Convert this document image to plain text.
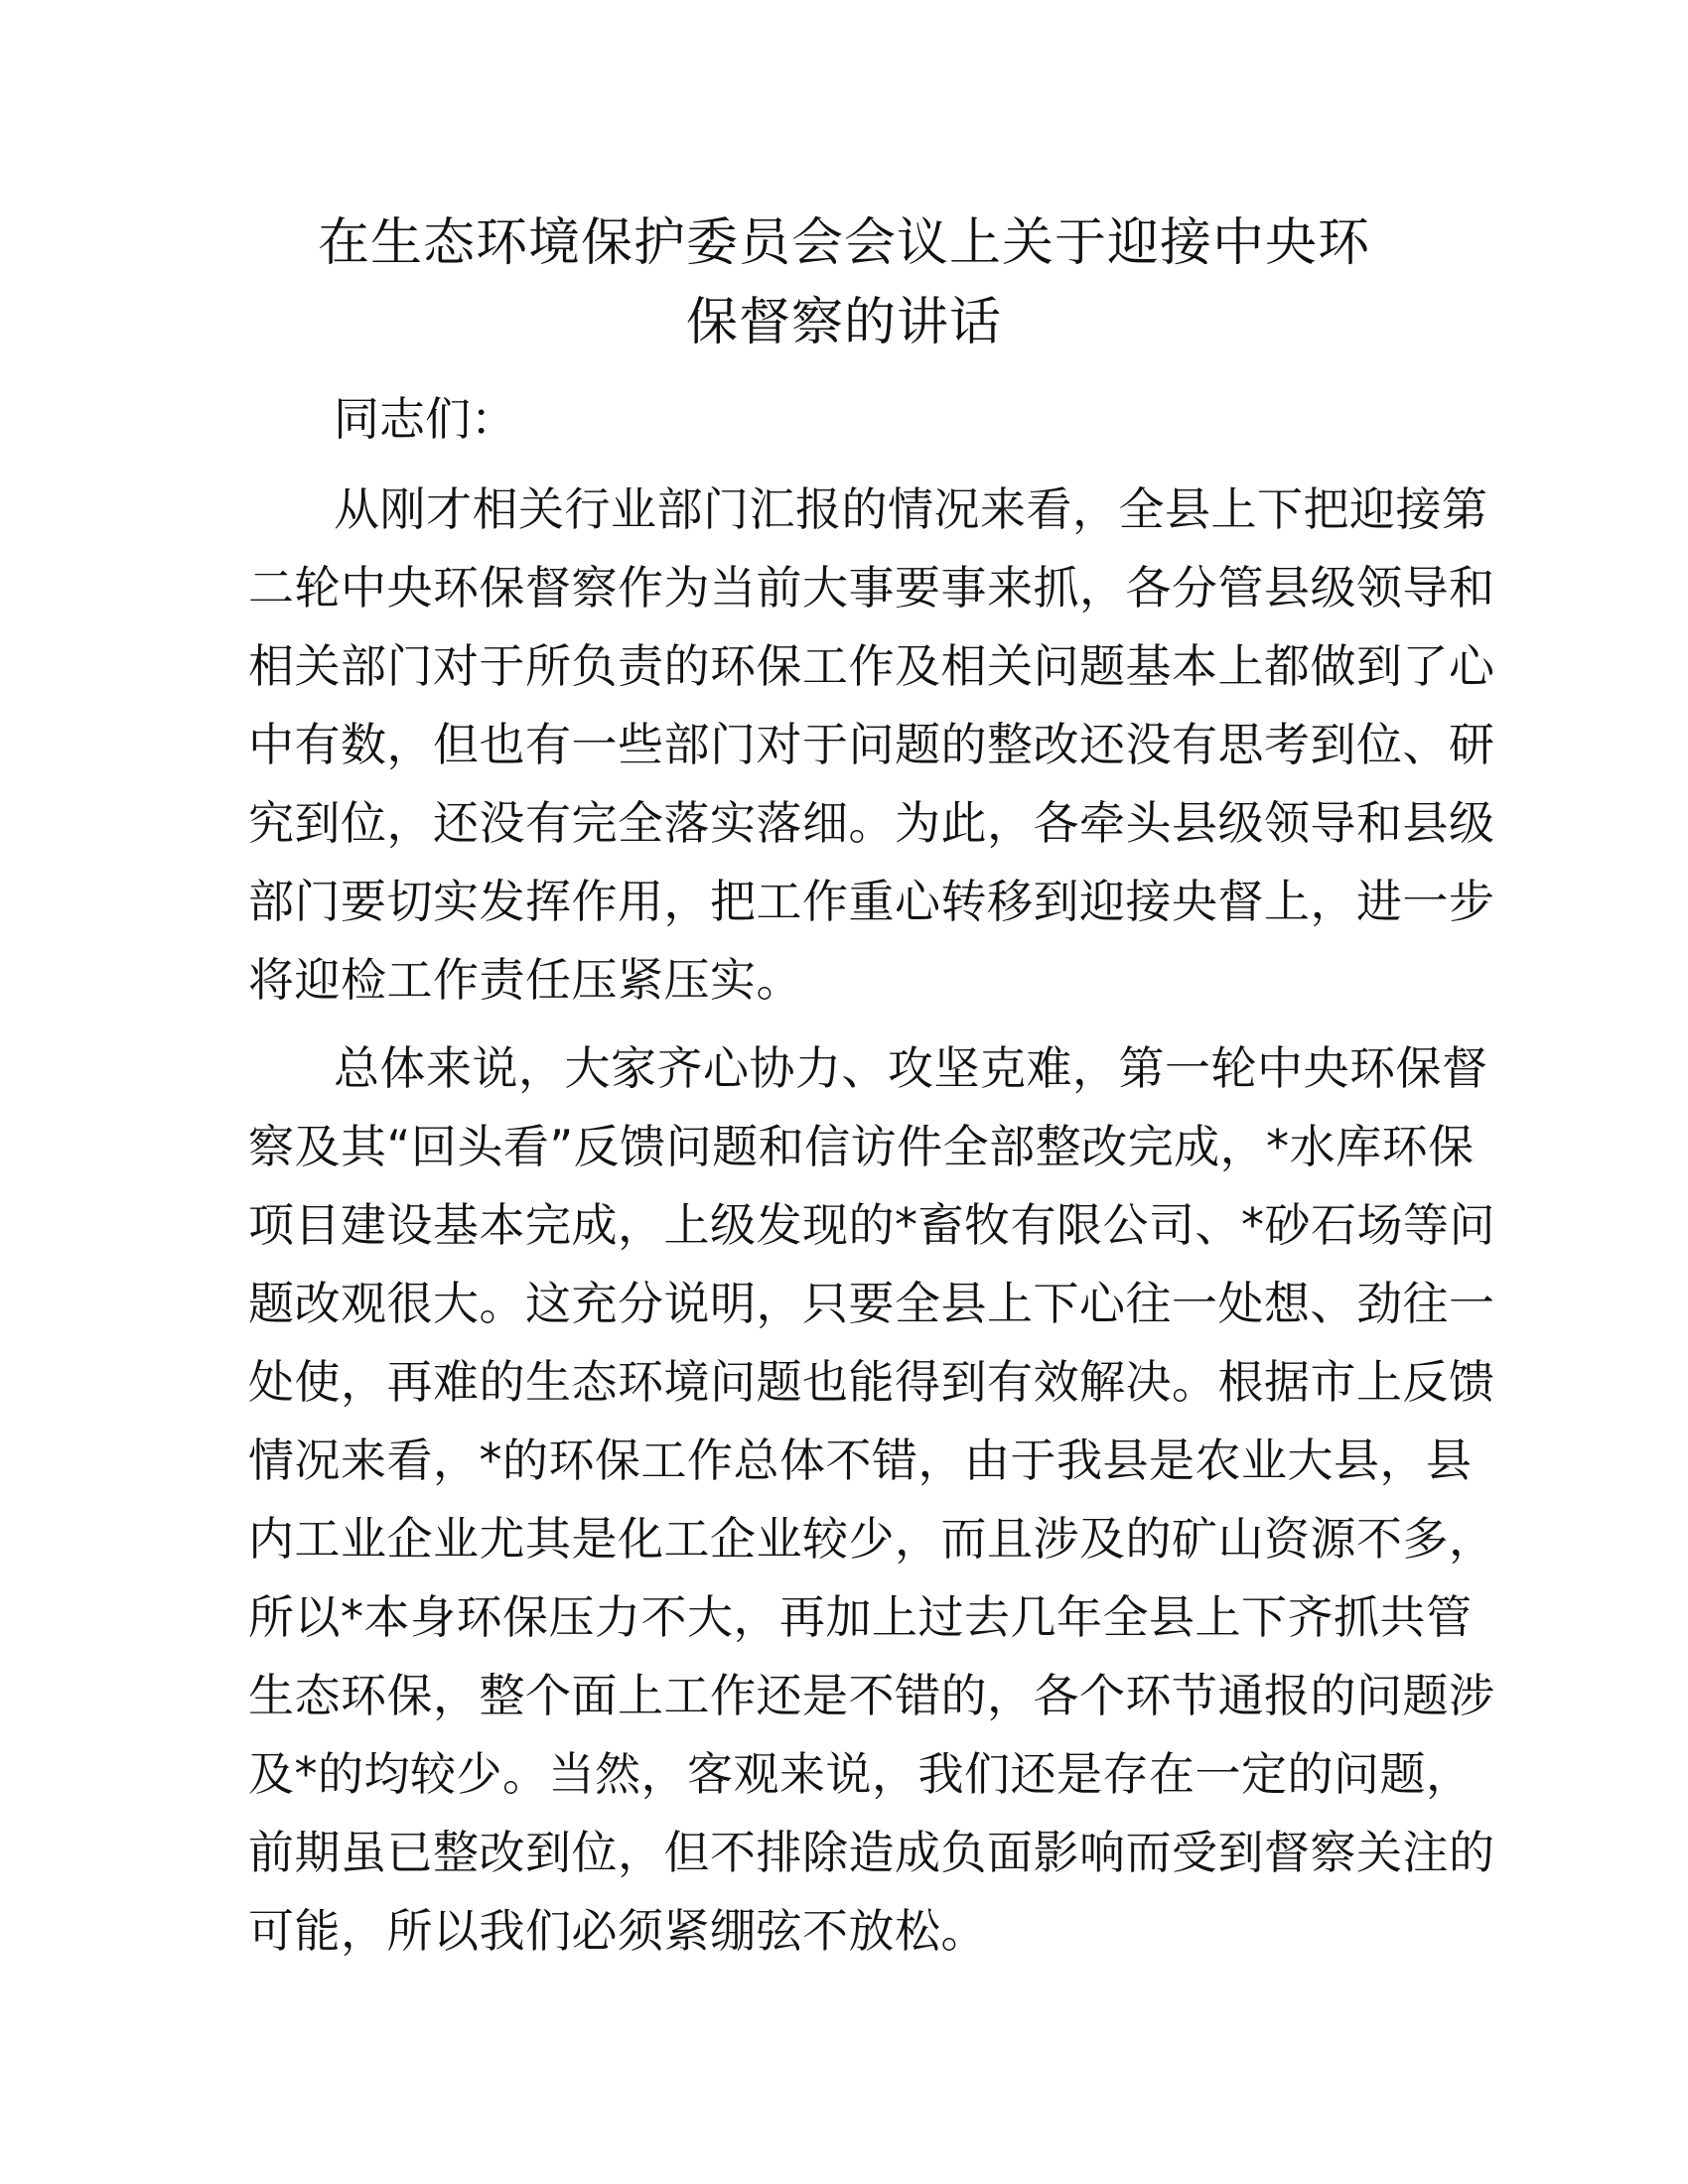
在生态环境保护委员会会议上关于迎接中央环
保督察的讲话
同志们：

从刚才相关行业部门汇报的情况来看，全县上下把迎接第
二轮中央环保督察作为当前大事要事来抓，各分管县级领导和
相关部门对于所负责的环保工作及相关问题基本上都做到了心
中有数，但也有一些部门对于问题的整改还没有思考到位、研
究到位，还没有完全落实落细。为此，各牵头县级领导和县级
部门要切实发挥作用，把工作重心转移到迎接央督上，进一步
将迎检工作责任压紧压实。

总体来说，大家齐心协力、攻坚克难，第一轮中央环保督
察及其“回头看”反馈问题和信访件全部整改完成，*水库环保
项目建设基本完成，上级发现的*畜牧有限公司、*砂石场等问
题改观很大。这充分说明，只要全县上下心往一处想、劲往一
处使，再难的生态环境问题也能得到有效解决。根据市上反馈
情况来看，*的环保工作总体不错，由于我县是农业大县，县
内工业企业尤其是化工企业较少，而且涉及的矿山资源不多，
所以*本身环保压力不大，再加上过去几年全县上下齐抓共管
生态环保，整个面上工作还是不错的，各个环节通报的问题涉
及*的均较少。当然，客观来说，我们还是存在一定的问题，
前期虽已整改到位，但不排除造成负面影响而受到督察关注的
可能，所以我们必须紧绷弦不放松。
